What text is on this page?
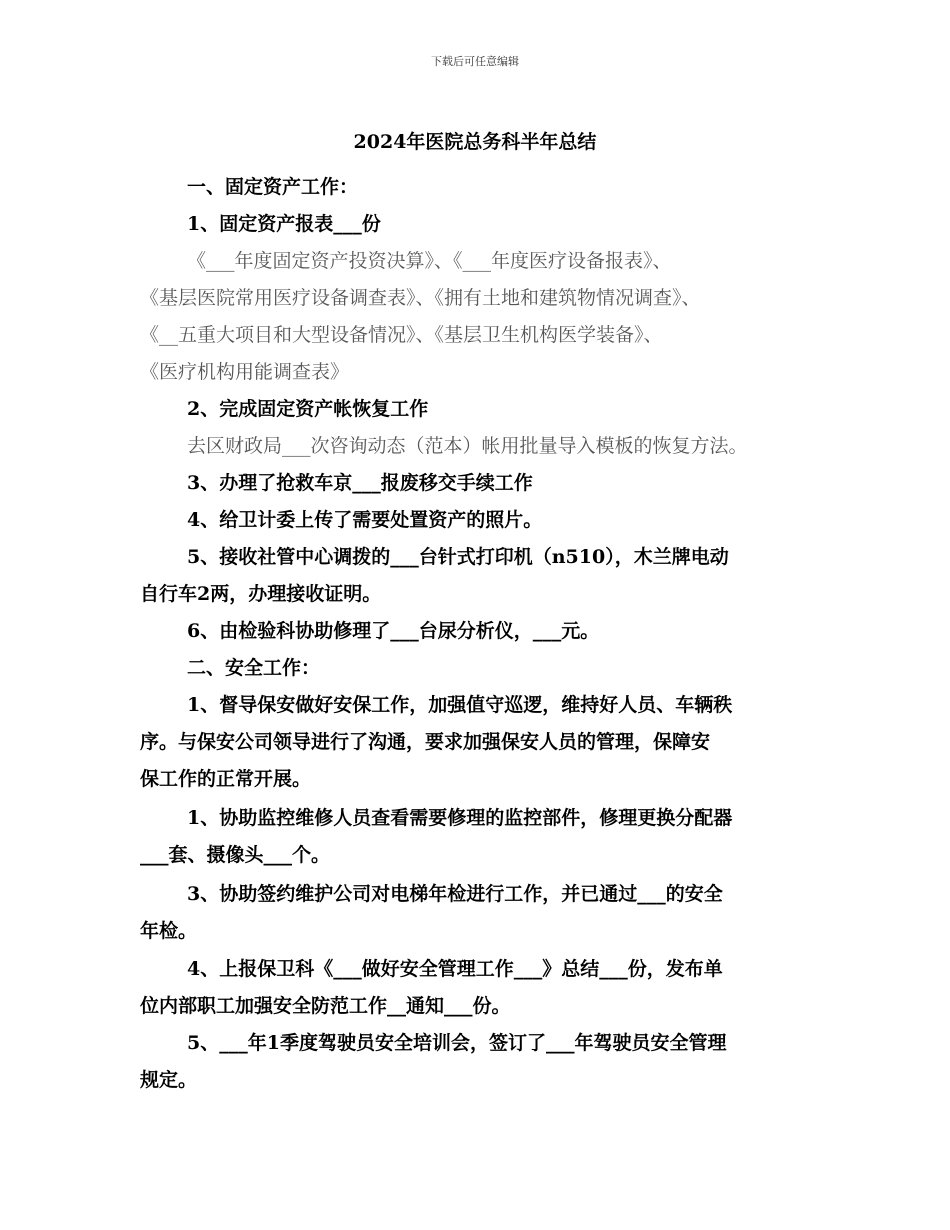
下载后可任意编辑
2024年医院总务科半年总结
一、固定资产工作：
1、固定资产报表___份
《___年度固定资产投资决算》、《___年度医疗设备报表》、
《基层医院常用医疗设备调查表》、《拥有土地和建筑物情况调查》、
《__五重大项目和大型设备情况》、《基层卫生机构医学装备》、
《医疗机构用能调查表》
2、完成固定资产帐恢复工作
去区财政局___次咨询动态（范本）帐用批量导入模板的恢复方法。
3、办理了抢救车京___报废移交手续工作
4、给卫计委上传了需要处置资产的照片。
5、接收社管中心调拨的___台针式打印机（n510），木兰牌电动
自行车2两，办理接收证明。
6、由检验科协助修理了___台尿分析仪，___元。
二、安全工作：
1、督导保安做好安保工作，加强值守巡逻，维持好人员、车辆秩
序。与保安公司领导进行了沟通，要求加强保安人员的管理，保障安
保工作的正常开展。
1、协助监控维修人员查看需要修理的监控部件，修理更换分配器
___套、摄像头___个。
3、协助签约维护公司对电梯年检进行工作，并已通过___的安全
年检。
4、上报保卫科《___做好安全管理工作___》总结___份，发布单
位内部职工加强安全防范工作__通知___份。
5、___年1季度驾驶员安全培训会，签订了___年驾驶员安全管理
规定。
